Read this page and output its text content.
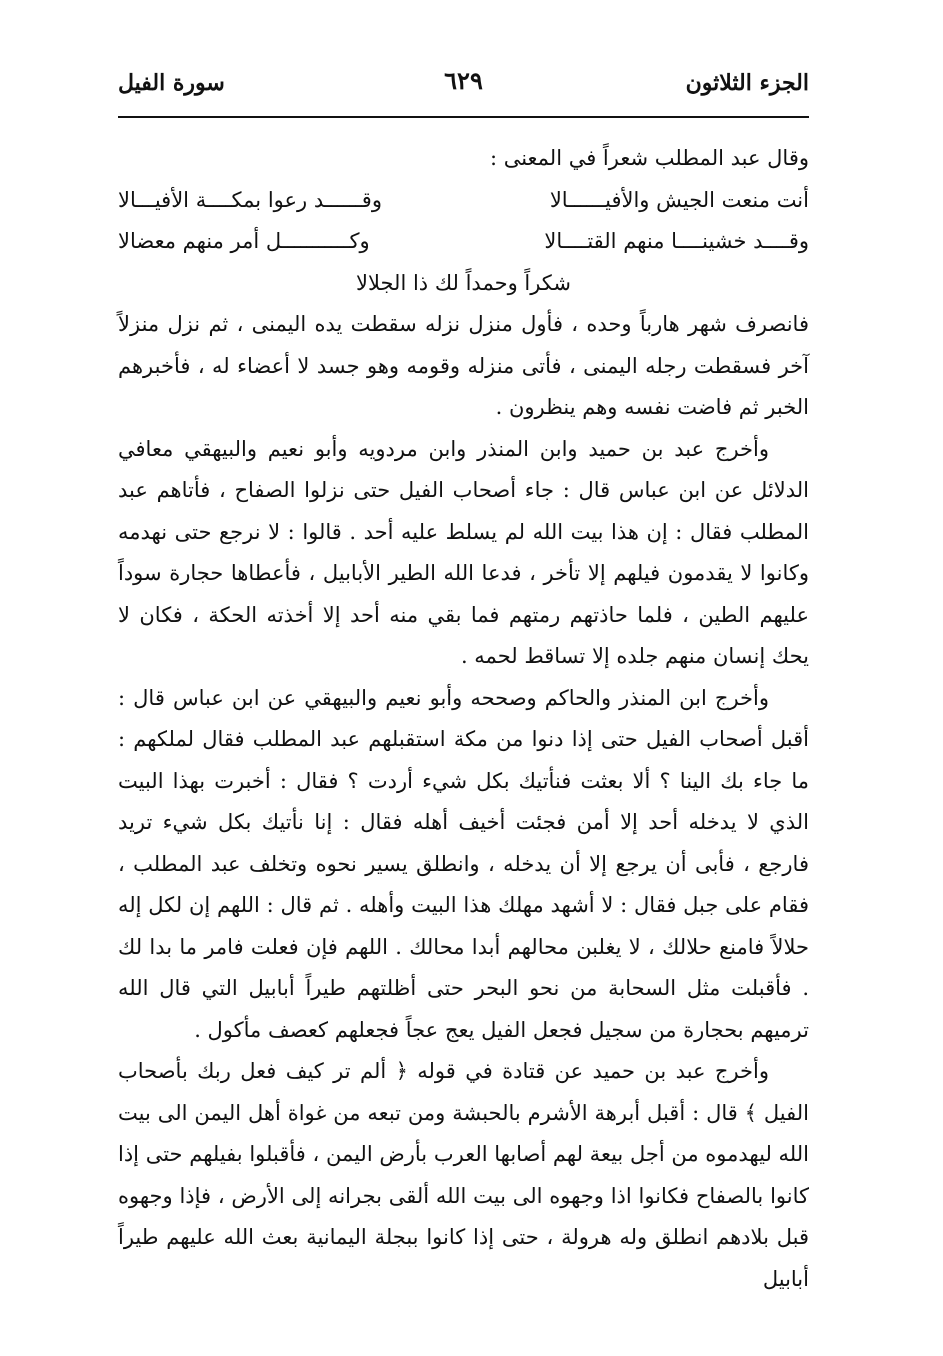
الجزء الثلاثون
٦٢٩
سورة الفيل

وقال عبد المطلب شعراً في المعنى :

أنت منعت الجيش والأفيــــــالا
وقــــــد رعوا بمكــــة الأفيـــالا
وقــــد خشينــــا منهم القتــــالا
وكـــــــــــل أمر منهم معضالا

شكراً وحمداً لك ذا الجلالا

فانصرف شهر هارباً وحده ، فأول منزل نزله سقطت يده اليمنى ، ثم نزل منزلاً آخر فسقطت رجله اليمنى ، فأتى منزله وقومه وهو جسد لا أعضاء له ، فأخبرهم الخبر ثم فاضت نفسه وهم ينظرون .

وأخرج عبد بن حميد وابن المنذر وابن مردويه وأبو نعيم والبيهقي معافي الدلائل عن ابن عباس قال : جاء أصحاب الفيل حتى نزلوا الصفاح ، فأتاهم عبد المطلب فقال : إن هذا بيت الله لم يسلط عليه أحد . قالوا : لا نرجع حتى نهدمه وكانوا لا يقدمون فيلهم إلا تأخر ، فدعا الله الطير الأبابيل ، فأعطاها حجارة سوداً عليهم الطين ، فلما حاذتهم رمتهم فما بقي منه أحد إلا أخذته الحكة ، فكان لا يحك إنسان منهم جلده إلا تساقط لحمه .

وأخرج ابن المنذر والحاكم وصححه وأبو نعيم والبيهقي عن ابن عباس قال : أقبل أصحاب الفيل حتى إذا دنوا من مكة استقبلهم عبد المطلب فقال لملكهم : ما جاء بك الينا ؟ ألا بعثت فنأتيك بكل شيء أردت ؟ فقال : أخبرت بهذا البيت الذي لا يدخله أحد إلا أمن فجئت أخيف أهله فقال : إنا نأتيك بكل شيء تريد فارجع ، فأبى أن يرجع إلا أن يدخله ، وانطلق يسير نحوه وتخلف عبد المطلب ، فقام على جبل فقال : لا أشهد مهلك هذا البيت وأهله . ثم قال : اللهم إن لكل إله حلالاً فامنع حلالك ، لا يغلبن محالهم أبدا محالك . اللهم فإن فعلت فامر ما بدا لك . فأقبلت مثل السحابة من نحو البحر حتى أظلتهم طيراً أبابيل التي قال الله ترميهم بحجارة من سجيل فجعل الفيل يعج عجاً فجعلهم كعصف مأكول .

وأخرج عبد بن حميد عن قتادة في قوله ﴿ ألم تر كيف فعل ربك بأصحاب الفيل ﴾ قال : أقبل أبرهة الأشرم بالحبشة ومن تبعه من غواة أهل اليمن الى بيت الله ليهدموه من أجل بيعة لهم أصابها العرب بأرض اليمن ، فأقبلوا بفيلهم حتى إذا كانوا بالصفاح فكانوا اذا وجهوه الى بيت الله ألقى بجرانه إلى الأرض ، فإذا وجهوه قبل بلادهم انطلق وله هرولة ، حتى إذا كانوا ببجلة اليمانية بعث الله عليهم طيراً أبابيل
